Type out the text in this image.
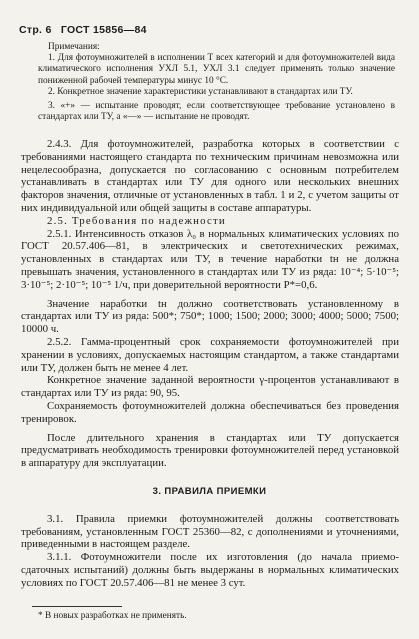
Стр. 6 ГОСТ 15856—84

Примечания:

1. Для фотоумножителей в исполнении Т всех категорий и для фотоумножителей вида климатического исполнения УХЛ 5.1, УХЛ 3.1 следует применять только значение пониженной рабочей температуры минус 10 °С.

2. Конкретное значение характеристики устанавливают в стандартах или ТУ.

3. «+» — испытание проводят, если соответствующее требование установлено в стандартах или ТУ, а «—» — испытание не проводят.

2.4.3. Для фотоумножителей, разработка которых в соответствии с требованиями настоящего стандарта по техническим причинам невозможна или нецелесообразна, допускается по согласованию с основным потребителем устанавливать в стандартах или ТУ для одного или нескольких внешних факторов значения, отличные от установленных в табл. 1 и 2, с учетом защиты от них индивидуальной или общей защиты в составе аппаратуры.

2.5. Требования по надежности

2.5.1. Интенсивность отказов λ₀ в нормальных климатических условиях по ГОСТ 20.57.406—81, в электрических и светотехнических режимах, установленных в стандартах или ТУ, в течение наработки tн не должна превышать значения, установленного в стандартах или ТУ из ряда: 10⁻⁴; 5·10⁻⁵; 3·10⁻⁵; 2·10⁻⁵; 10⁻⁵ 1/ч, при доверительной вероятности P*=0,6.

Значение наработки tн должно соответствовать установленному в стандартах или ТУ из ряда: 500*; 750*; 1000; 1500; 2000; 3000; 4000; 5000; 7500; 10000 ч.

2.5.2. Гамма-процентный срок сохраняемости фотоумножителей при хранении в условиях, допускаемых настоящим стандартом, а также стандартами или ТУ, должен быть не менее 4 лет.

Конкретное значение заданной вероятности γ-процентов устанавливают в стандартах или ТУ из ряда: 90, 95.

Сохраняемость фотоумножителей должна обеспечиваться без проведения тренировок.

После длительного хранения в стандартах или ТУ допускается предусматривать необходимость тренировки фотоумножителей перед установкой в аппаратуру для эксплуатации.

3. ПРАВИЛА ПРИЕМКИ

3.1. Правила приемки фотоумножителей должны соответствовать требованиям, установленным ГОСТ 25360—82, с дополнениями и уточнениями, приведенными в настоящем разделе.

3.1.1. Фотоумножители после их изготовления (до начала приемо-сдаточных испытаний) должны быть выдержаны в нормальных климатических условиях по ГОСТ 20.57.406—81 не менее 3 сут.

* В новых разработках не применять.
